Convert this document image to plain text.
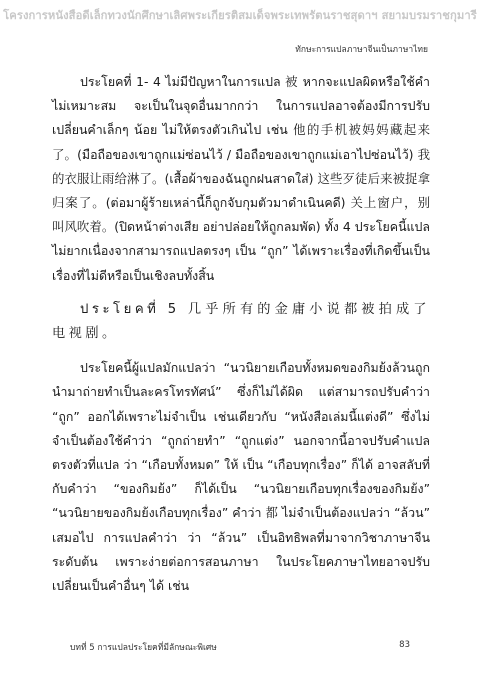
โครงการหนังสือดีเล็กทวงนักศึกษาเลิศพระเกียรติสมเด็จพระเทพรัตนราชสุดาฯ สยามบรมราชกุมารี
ทักษะการแปลภาษาจีนเป็นภาษาไทย

ประโยคที่ 1- 4 ไม่มีปัญหาในการแปล 被 หากจะแปลผิดหรือใช้คำไม่เหมาะสม จะเป็นในจุดอื่นมากกว่า ในการแปลอาจต้องมีการปรับเปลี่ยนคำเล็กๆ น้อย ไม่ให้ตรงตัวเกินไป เช่น 他的手机被妈妈藏起来了。(มือถือของเขาถูกแม่ซ่อนไว้ / มือถือของเขาถูกแม่เอาไปซ่อนไว้) 我的衣服让雨给淋了。(เสื้อผ้าของฉันถูกฝนสาดใส่) 这些歹徒后来被捉拿归案了。(ต่อมาผู้ร้ายเหล่านี้ก็ถูกจับกุมตัวมาดำเนินคดี) 关上窗户，别叫风吹着。(ปิดหน้าต่างเสีย อย่าปล่อยให้ถูกลมพัด) ทั้ง 4 ประโยคนี้แปลไม่ยากเนื่องจากสามารถแปลตรงๆ เป็น “ถูก” ได้เพราะเรื่องที่เกิดขึ้นเป็นเรื่องที่ไม่ดีหรือเป็นเชิงลบทั้งสิ้น

ประโยคที่ 5 几乎所有的金庸小说都被拍成了电视剧。

ประโยคนี้ผู้แปลมักแปลว่า “นวนิยายเกือบทั้งหมดของกิมย้งล้วนถูกนำมาถ่ายทำเป็นละครโทรทัศน์” ซึ่งก็ไม่ได้ผิด แต่สามารถปรับคำว่า “ถูก” ออกได้เพราะไม่จำเป็น เช่นเดียวกับ “หนังสือเล่มนี้แต่งดี” ซึ่งไม่จำเป็นต้องใช้คำว่า “ถูกถ่ายทำ” “ถูกแต่ง” นอกจากนี้อาจปรับคำแปลตรงตัวที่แปล ว่า “เกือบทั้งหมด” ให้ เป็น “เกือบทุกเรื่อง” ก็ได้ อาจสลับที่กับคำว่า “ของกิมย้ง” ก็ได้เป็น “นวนิยายเกือบทุกเรื่องของกิมย้ง” “นวนิยายของกิมย้งเกือบทุกเรื่อง” คำว่า 都 ไม่จำเป็นต้องแปลว่า “ล้วน” เสมอไป การแปลคำว่า ว่า “ล้วน” เป็นอิทธิพลที่มาจากวิชาภาษาจีนระดับต้น เพราะง่ายต่อการสอนภาษา ในประโยคภาษาไทยอาจปรับเปลี่ยนเป็นคำอื่นๆ ได้ เช่น

บทที่ 5 การแปลประโยคที่มีลักษณะพิเศษ	83
